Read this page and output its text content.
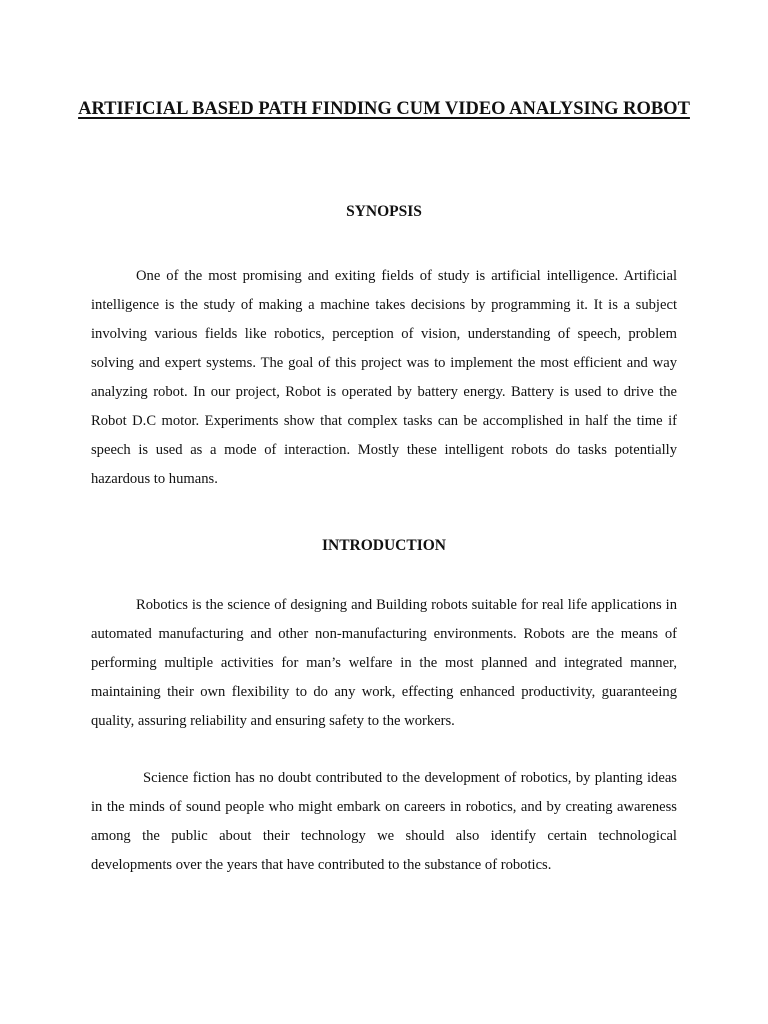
ARTIFICIAL BASED PATH FINDING CUM VIDEO ANALYSING ROBOT
SYNOPSIS

One of the most promising and exiting fields of study is artificial intelligence. Artificial intelligence is the study of making a machine takes decisions by programming it. It is a subject involving various fields like robotics, perception of vision, understanding of speech, problem solving and expert systems. The goal of this project was to implement the most efficient and way analyzing robot. In our project, Robot is operated by battery energy. Battery is used to drive the Robot D.C motor. Experiments show that complex tasks can be accomplished in half the time if speech is used as a mode of interaction. Mostly these intelligent robots do tasks potentially hazardous to humans.

INTRODUCTION

Robotics is the science of designing and Building robots suitable for real life applications in automated manufacturing and other non-manufacturing environments. Robots are the means of performing multiple activities for man’s welfare in the most planned and integrated manner, maintaining their own flexibility to do any work, effecting enhanced productivity, guaranteeing quality, assuring reliability and ensuring safety to the workers.

Science fiction has no doubt contributed to the development of robotics, by planting ideas in the minds of sound people who might embark on careers in robotics, and by creating awareness among the public about their technology we should also identify certain technological developments over the years that have contributed to the substance of robotics.
